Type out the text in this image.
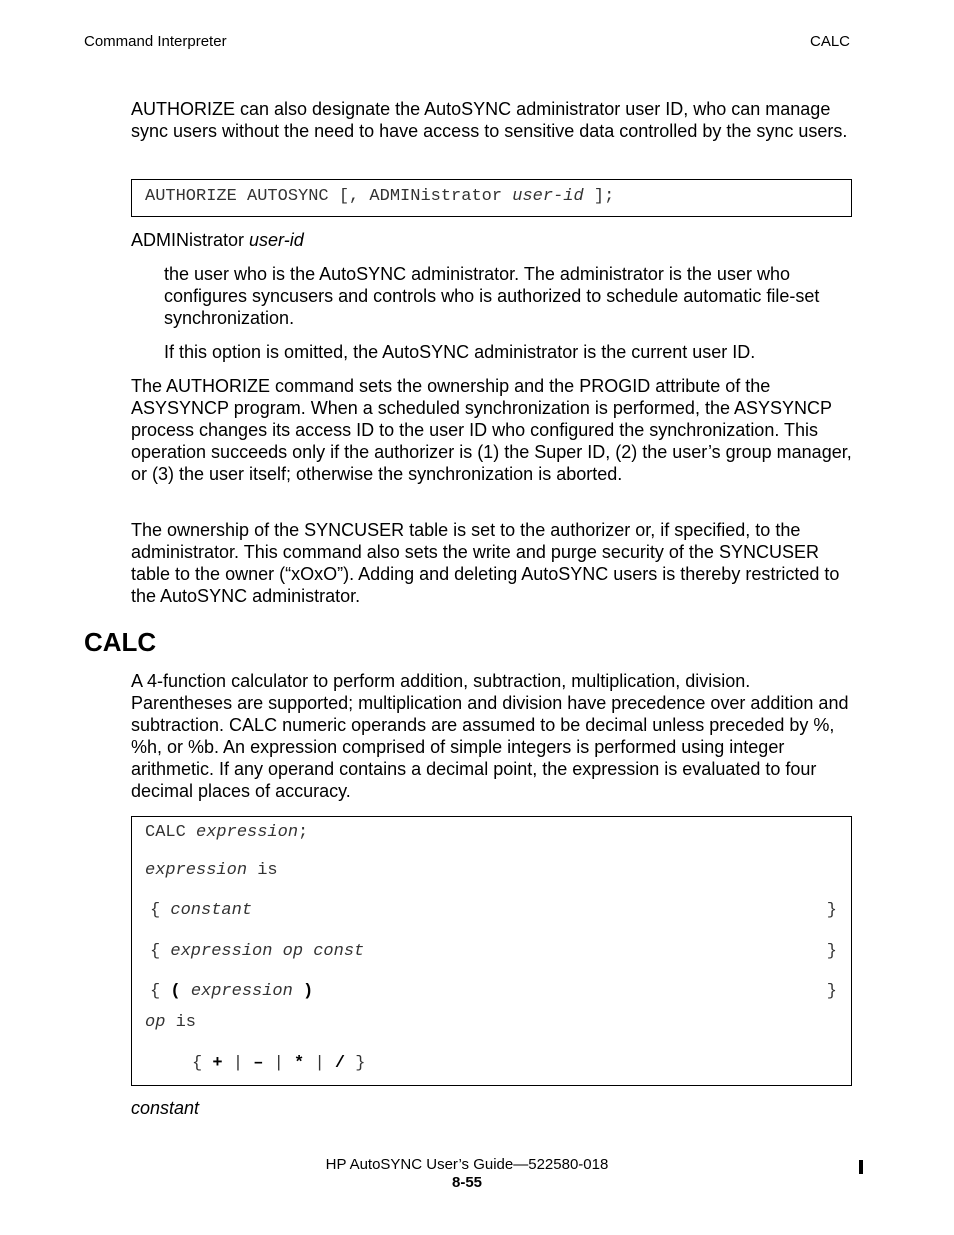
Command Interpreter	CALC
AUTHORIZE can also designate the AutoSYNC administrator user ID, who can manage sync users without the need to have access to sensitive data controlled by the sync users.
AUTHORIZE AUTOSYNC [, ADMINistrator user-id ];
ADMINistrator user-id
the user who is the AutoSYNC administrator. The administrator is the user who configures syncusers and controls who is authorized to schedule automatic file-set synchronization.
If this option is omitted, the AutoSYNC administrator is the current user ID.
The AUTHORIZE command sets the ownership and the PROGID attribute of the ASYSYNCP program. When a scheduled synchronization is performed, the ASYSYNCP process changes its access ID to the user ID who configured the synchronization. This operation succeeds only if the authorizer is (1) the Super ID, (2) the user’s group manager, or (3) the user itself; otherwise the synchronization is aborted.
The ownership of the SYNCUSER table is set to the authorizer or, if specified, to the administrator. This command also sets the write and purge security of the SYNCUSER table to the owner (“xOxO”). Adding and deleting AutoSYNC users is thereby restricted to the AutoSYNC administrator.
CALC
A 4-function calculator to perform addition, subtraction, multiplication, division. Parentheses are supported; multiplication and division have precedence over addition and subtraction. CALC numeric operands are assumed to be decimal unless preceded by %, %h, or %b. An expression comprised of simple integers is performed using integer arithmetic. If any operand contains a decimal point, the expression is evaluated to four decimal places of accuracy.
CALC expression;
expression is
{ constant	}
{ expression op const	}
{ ( expression )	}
op is
{ + | – | * | / }
constant
HP AutoSYNC User’s Guide—522580-018
8-55
